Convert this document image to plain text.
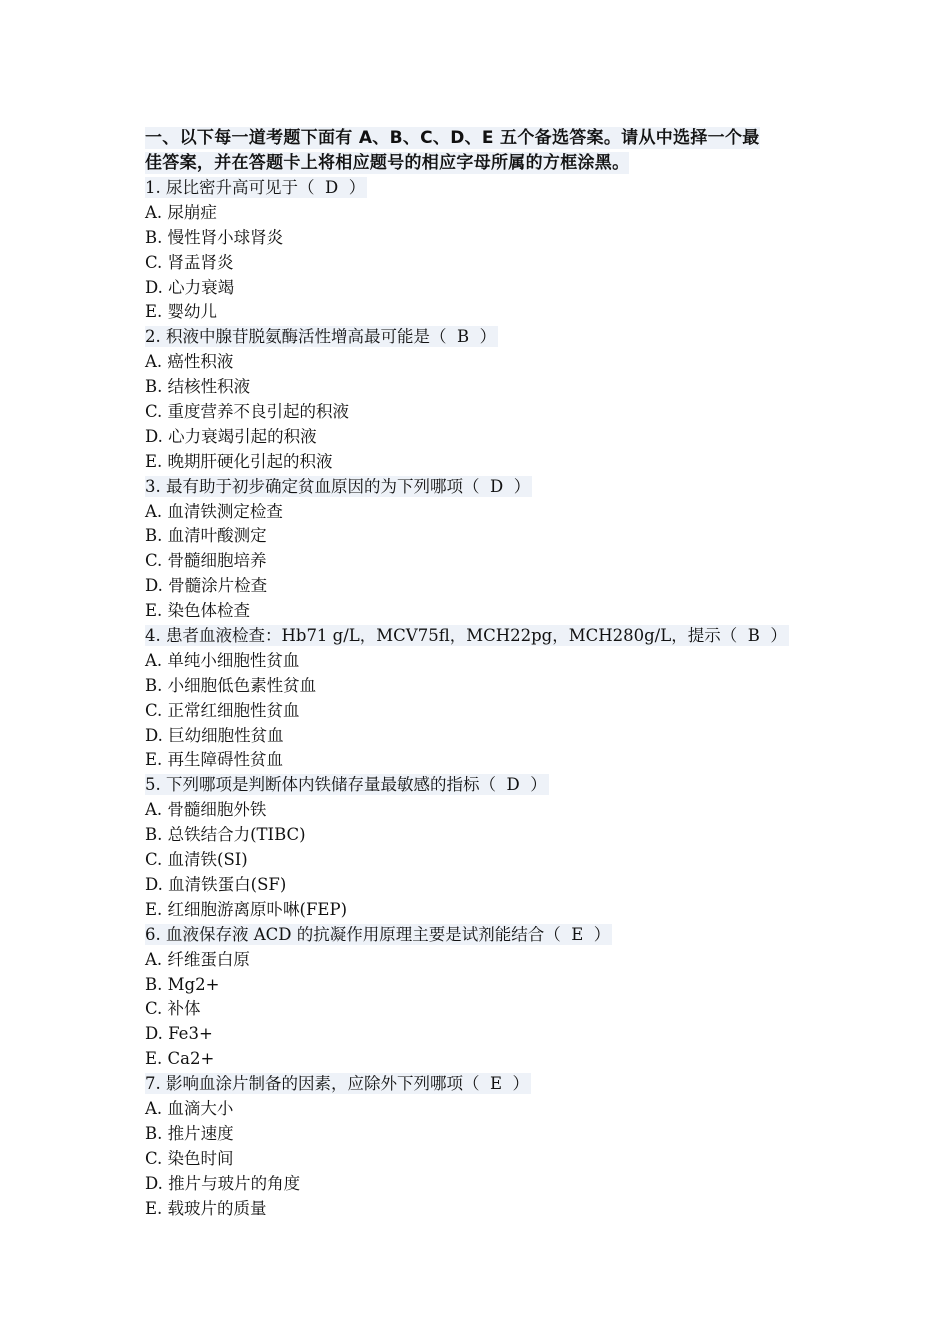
一、以下每一道考题下面有 A、B、C、D、E 五个备选答案。请从中选择一个最
佳答案，并在答题卡上将相应题号的相应字母所属的方框涂黑。
1. 尿比密升高可见于（ D ）
A. 尿崩症
B. 慢性肾小球肾炎
C. 肾盂肾炎
D. 心力衰竭
E. 婴幼儿
2. 积液中腺苷脱氨酶活性增高最可能是（ B ）
A. 癌性积液
B. 结核性积液
C. 重度营养不良引起的积液
D. 心力衰竭引起的积液
E. 晚期肝硬化引起的积液
3. 最有助于初步确定贫血原因的为下列哪项（ D ）
A. 血清铁测定检查
B. 血清叶酸测定
C. 骨髓细胞培养
D. 骨髓涂片检查
E. 染色体检查
4. 患者血液检查：Hb71 g/L，MCV75fl，MCH22pg，MCH280g/L，提示（ B ）
A. 单纯小细胞性贫血
B. 小细胞低色素性贫血
C. 正常红细胞性贫血
D. 巨幼细胞性贫血
E. 再生障碍性贫血
5. 下列哪项是判断体内铁储存量最敏感的指标（ D ）
A. 骨髓细胞外铁
B. 总铁结合力(TIBC)
C. 血清铁(SI)
D. 血清铁蛋白(SF)
E. 红细胞游离原卟啉(FEP)
6. 血液保存液 ACD 的抗凝作用原理主要是试剂能结合（ E ）
A. 纤维蛋白原
B. Mg2+
C. 补体
D. Fe3+
E. Ca2+
7. 影响血涂片制备的因素，应除外下列哪项（ E ）
A. 血滴大小
B. 推片速度
C. 染色时间
D. 推片与玻片的角度
E. 载玻片的质量
